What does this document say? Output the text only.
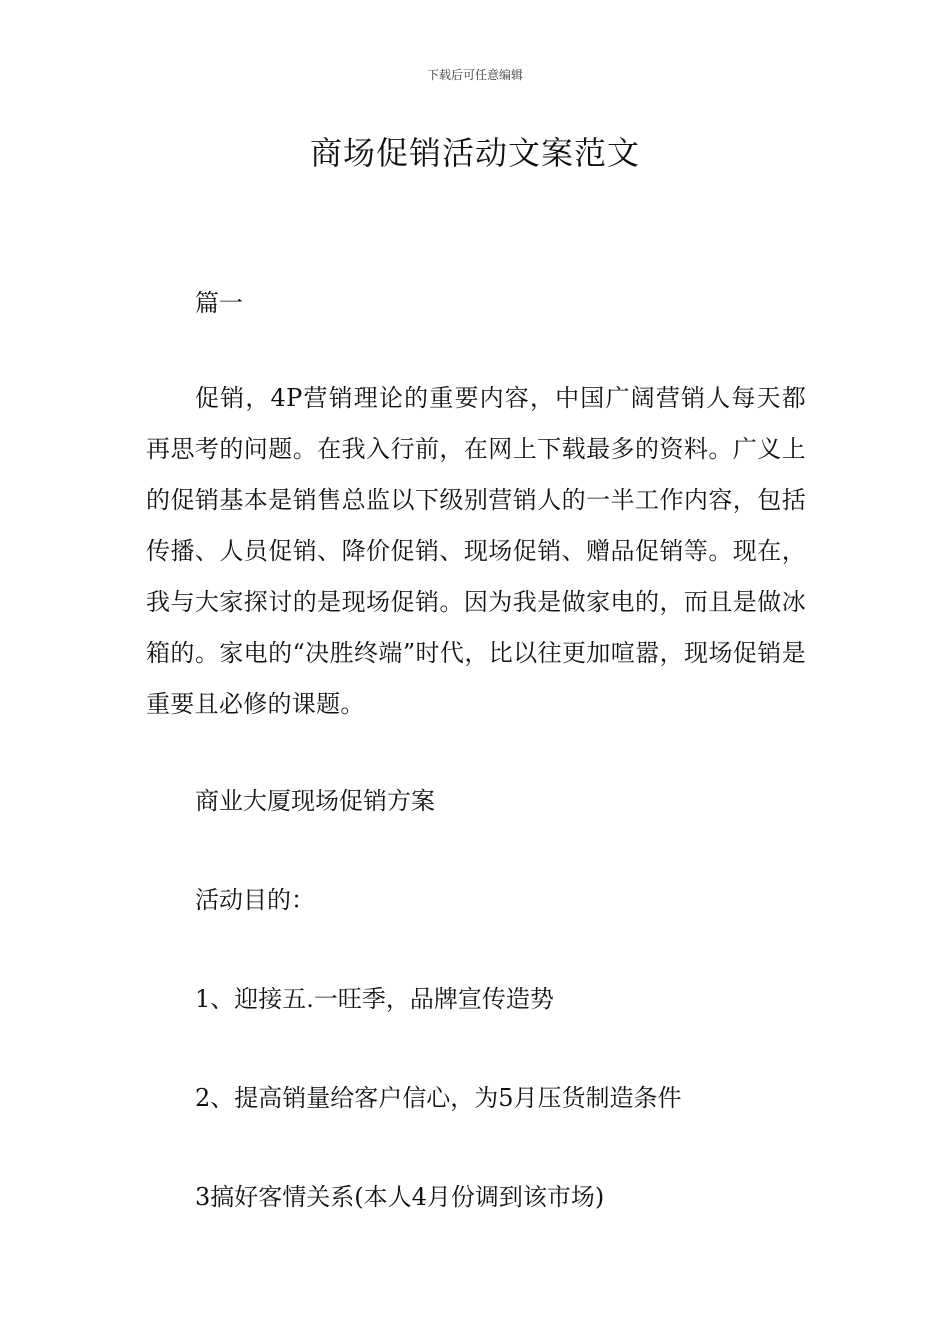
下载后可任意编辑
商场促销活动文案范文

篇一

促销，4P营销理论的重要内容，中国广阔营销人每天都再思考的问题。在我入行前，在网上下载最多的资料。广义上的促销基本是销售总监以下级别营销人的一半工作内容，包括传播、人员促销、降价促销、现场促销、赠品促销等。现在，我与大家探讨的是现场促销。因为我是做家电的，而且是做冰箱的。家电的“决胜终端”时代，比以往更加喧嚣，现场促销是重要且必修的课题。

商业大厦现场促销方案

活动目的：

1、迎接五.一旺季，品牌宣传造势

2、提高销量给客户信心，为5月压货制造条件

3搞好客情关系(本人4月份调到该市场)
